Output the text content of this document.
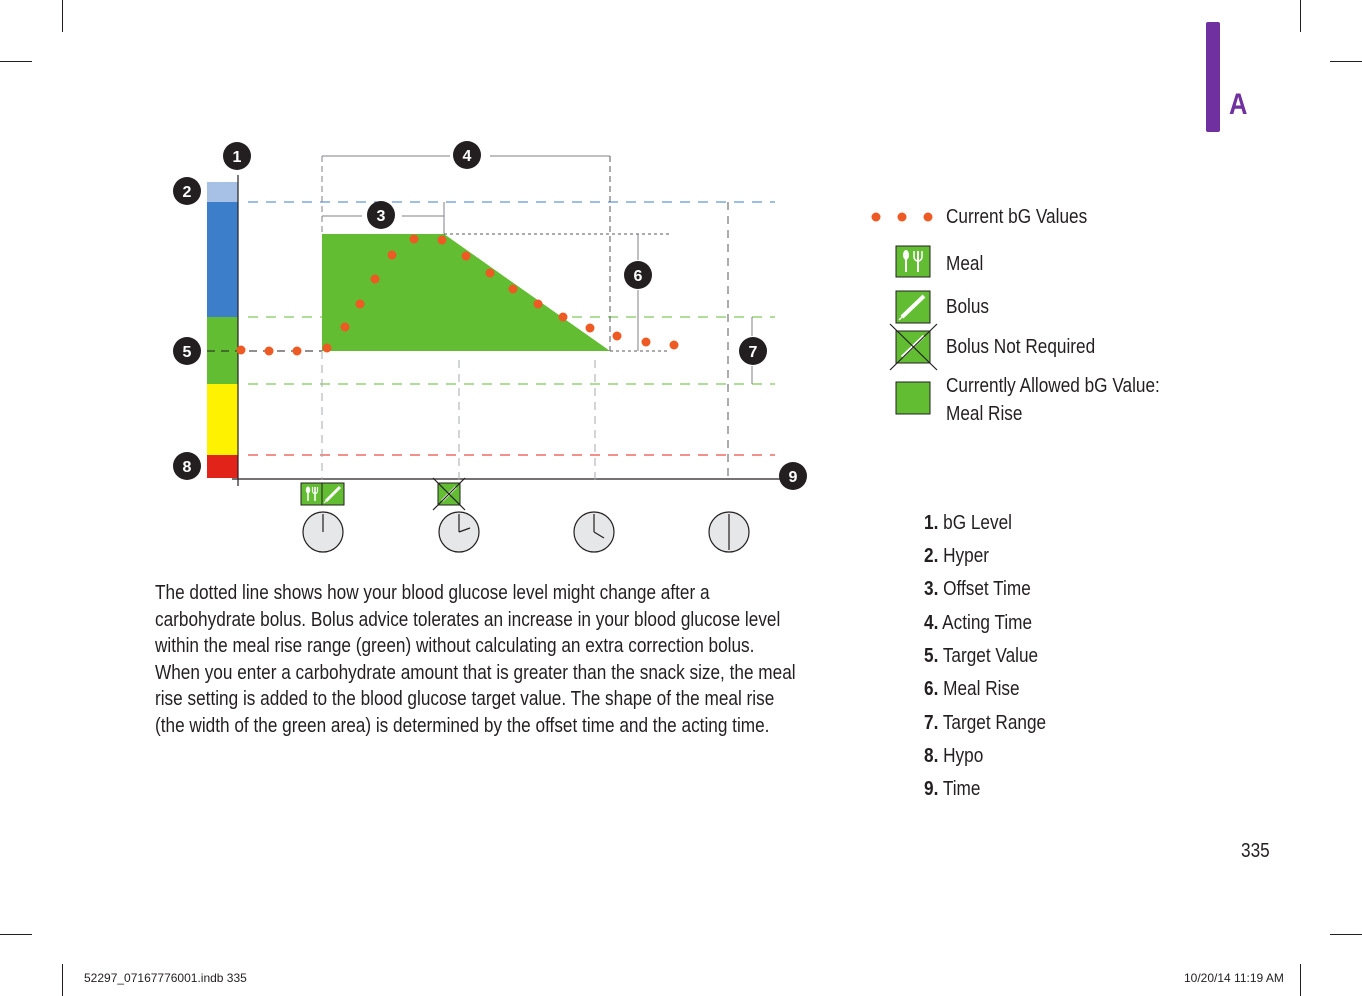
A
1
2
3
4
5
6
7
8
9
Current bG Values
Meal
Bolus
Bolus Not Required
Currently Allowed bG Value:
Meal Rise
1. bG Level
2. Hyper
3. Offset Time
4. Acting Time
5. Target Value
6. Meal Rise
7. Target Range
8. Hypo
9. Time

The dotted line shows how your blood glucose level might change after a

carbohydrate bolus. Bolus advice tolerates an increase in your blood glucose level

within the meal rise range (green) without calculating an extra correction bolus.

When you enter a carbohydrate amount that is greater than the snack size, the meal

rise setting is added to the blood glucose target value. The shape of the meal rise

(the width of the green area) is determined by the offset time and the acting time.

335
52297_07167776001.indb 335	10/20/14 11:19 AM
